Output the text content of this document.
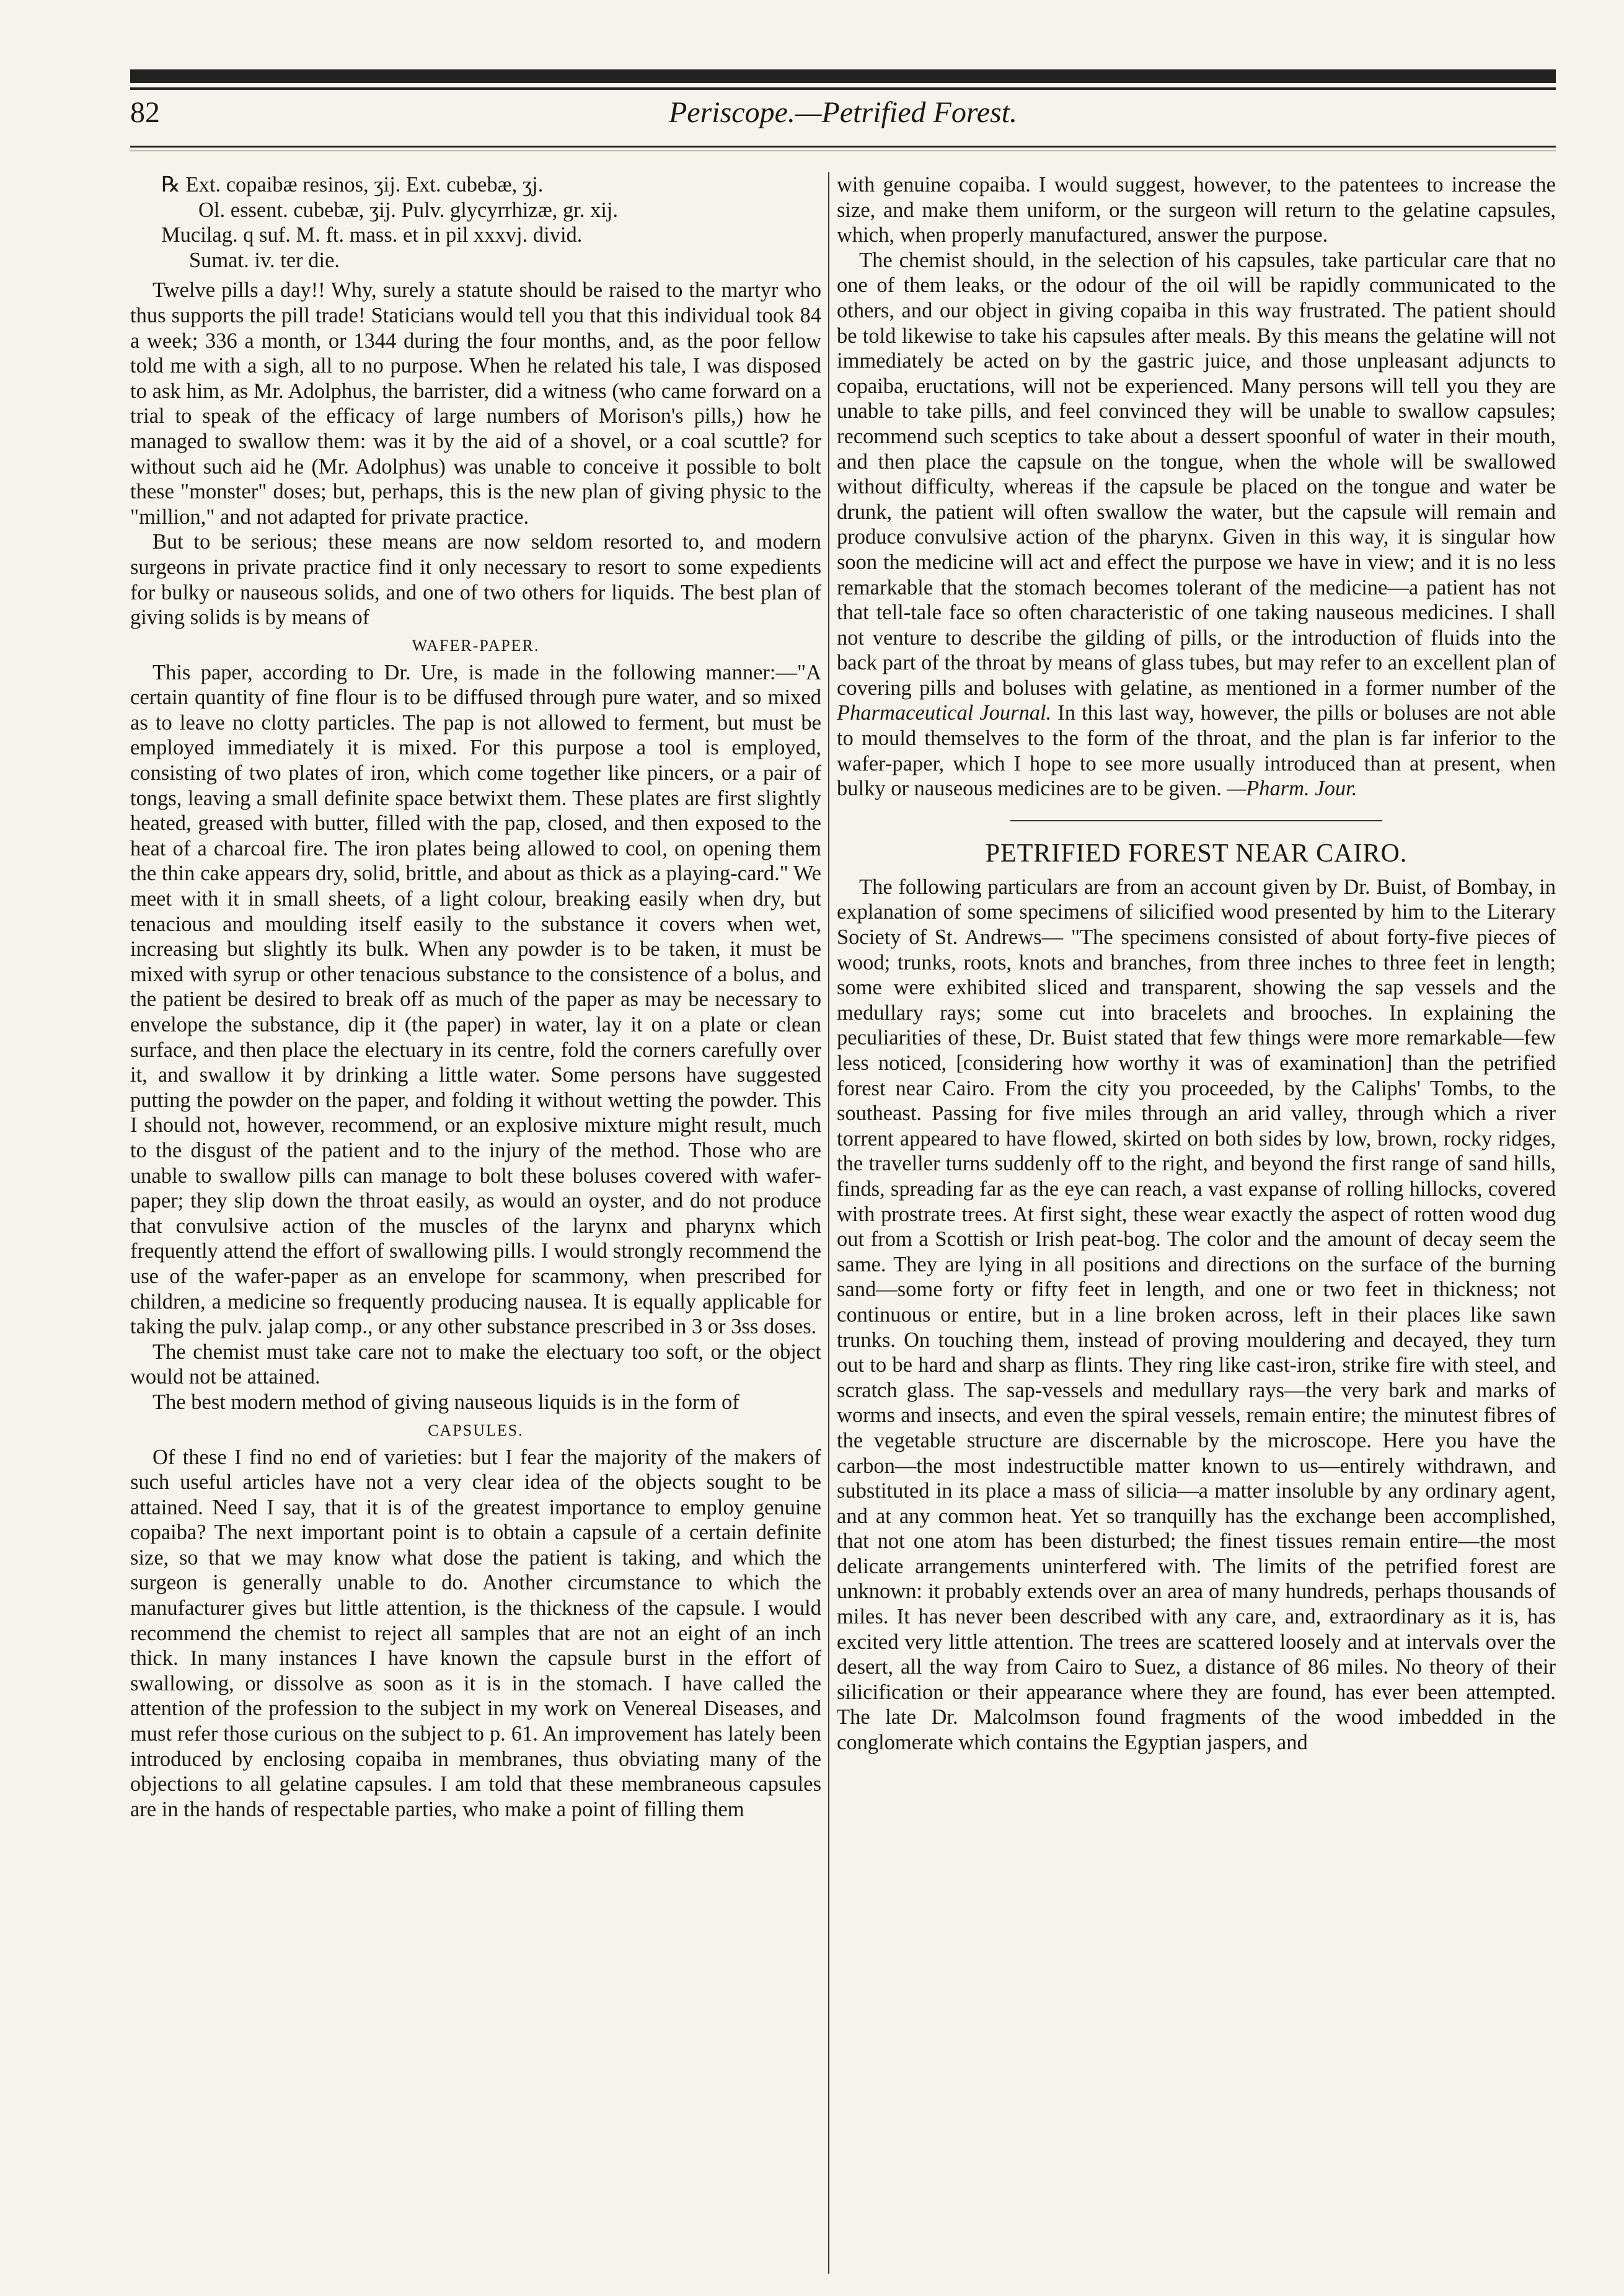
82	Periscope.—Petrified Forest.

℞ Ext. copaibæ resinos, ʒij. Ext. cubebæ, ʒj.

Ol. essent. cubebæ, ʒij. Pulv. glycyrrhizæ, gr. xij.

Mucilag. q suf. M. ft. mass. et in pil xxxvj. divid.

Sumat. iv. ter die.

Twelve pills a day!! Why, surely a statute should be raised to the martyr who thus supports the pill trade! Staticians would tell you that this individual took 84 a week; 336 a month, or 1344 during the four months, and, as the poor fellow told me with a sigh, all to no purpose. When he related his tale, I was disposed to ask him, as Mr. Adolphus, the barrister, did a witness (who came forward on a trial to speak of the efficacy of large numbers of Morison's pills,) how he managed to swallow them: was it by the aid of a shovel, or a coal scuttle? for without such aid he (Mr. Adolphus) was unable to conceive it possible to bolt these "monster" doses; but, perhaps, this is the new plan of giving physic to the "million," and not adapted for private practice.

But to be serious; these means are now seldom resorted to, and modern surgeons in private practice find it only necessary to resort to some expedients for bulky or nauseous solids, and one of two others for liquids. The best plan of giving solids is by means of

WAFER-PAPER.

This paper, according to Dr. Ure, is made in the following manner:—"A certain quantity of fine flour is to be diffused through pure water, and so mixed as to leave no clotty particles. The pap is not allowed to ferment, but must be employed immediately it is mixed. For this purpose a tool is employed, consisting of two plates of iron, which come together like pincers, or a pair of tongs, leaving a small definite space betwixt them. These plates are first slightly heated, greased with butter, filled with the pap, closed, and then exposed to the heat of a charcoal fire. The iron plates being allowed to cool, on opening them the thin cake appears dry, solid, brittle, and about as thick as a playing-card." We meet with it in small sheets, of a light colour, breaking easily when dry, but tenacious and moulding itself easily to the substance it covers when wet, increasing but slightly its bulk. When any powder is to be taken, it must be mixed with syrup or other tenacious substance to the consistence of a bolus, and the patient be desired to break off as much of the paper as may be necessary to envelope the substance, dip it (the paper) in water, lay it on a plate or clean surface, and then place the electuary in its centre, fold the corners carefully over it, and swallow it by drinking a little water. Some persons have suggested putting the powder on the paper, and folding it without wetting the powder. This I should not, however, recommend, or an explosive mixture might result, much to the disgust of the patient and to the injury of the method. Those who are unable to swallow pills can manage to bolt these boluses covered with wafer-paper; they slip down the throat easily, as would an oyster, and do not produce that convulsive action of the muscles of the larynx and pharynx which frequently attend the effort of swallowing pills. I would strongly recommend the use of the wafer-paper as an envelope for scammony, when prescribed for children, a medicine so frequently producing nausea. It is equally applicable for taking the pulv. jalap comp., or any other substance prescribed in 3 or 3ss doses.

The chemist must take care not to make the electuary too soft, or the object would not be attained.

The best modern method of giving nauseous liquids is in the form of

CAPSULES.

Of these I find no end of varieties: but I fear the majority of the makers of such useful articles have not a very clear idea of the objects sought to be attained. Need I say, that it is of the greatest importance to employ genuine copaiba? The next important point is to obtain a capsule of a certain definite size, so that we may know what dose the patient is taking, and which the surgeon is generally unable to do. Another circumstance to which the manufacturer gives but little attention, is the thickness of the capsule. I would recommend the chemist to reject all samples that are not an eight of an inch thick. In many instances I have known the capsule burst in the effort of swallowing, or dissolve as soon as it is in the stomach. I have called the attention of the profession to the subject in my work on Venereal Diseases, and must refer those curious on the subject to p. 61. An improvement has lately been introduced by enclosing copaiba in membranes, thus obviating many of the objections to all gelatine capsules. I am told that these membraneous capsules are in the hands of respectable parties, who make a point of filling them

with genuine copaiba. I would suggest, however, to the patentees to increase the size, and make them uniform, or the surgeon will return to the gelatine capsules, which, when properly manufactured, answer the purpose.

The chemist should, in the selection of his capsules, take particular care that no one of them leaks, or the odour of the oil will be rapidly communicated to the others, and our object in giving copaiba in this way frustrated. The patient should be told likewise to take his capsules after meals. By this means the gelatine will not immediately be acted on by the gastric juice, and those unpleasant adjuncts to copaiba, eructations, will not be experienced. Many persons will tell you they are unable to take pills, and feel convinced they will be unable to swallow capsules; recommend such sceptics to take about a dessert spoonful of water in their mouth, and then place the capsule on the tongue, when the whole will be swallowed without difficulty, whereas if the capsule be placed on the tongue and water be drunk, the patient will often swallow the water, but the capsule will remain and produce convulsive action of the pharynx. Given in this way, it is singular how soon the medicine will act and effect the purpose we have in view; and it is no less remarkable that the stomach becomes tolerant of the medicine—a patient has not that tell-tale face so often characteristic of one taking nauseous medicines. I shall not venture to describe the gilding of pills, or the introduction of fluids into the back part of the throat by means of glass tubes, but may refer to an excellent plan of covering pills and boluses with gelatine, as mentioned in a former number of the Pharmaceutical Journal. In this last way, however, the pills or boluses are not able to mould themselves to the form of the throat, and the plan is far inferior to the wafer-paper, which I hope to see more usually introduced than at present, when bulky or nauseous medicines are to be given. —Pharm. Jour.

PETRIFIED FOREST NEAR CAIRO.

The following particulars are from an account given by Dr. Buist, of Bombay, in explanation of some specimens of silicified wood presented by him to the Literary Society of St. Andrews— "The specimens consisted of about forty-five pieces of wood; trunks, roots, knots and branches, from three inches to three feet in length; some were exhibited sliced and transparent, showing the sap vessels and the medullary rays; some cut into bracelets and brooches. In explaining the peculiarities of these, Dr. Buist stated that few things were more remarkable—few less noticed, [considering how worthy it was of examination] than the petrified forest near Cairo. From the city you proceeded, by the Caliphs' Tombs, to the southeast. Passing for five miles through an arid valley, through which a river torrent appeared to have flowed, skirted on both sides by low, brown, rocky ridges, the traveller turns suddenly off to the right, and beyond the first range of sand hills, finds, spreading far as the eye can reach, a vast expanse of rolling hillocks, covered with prostrate trees. At first sight, these wear exactly the aspect of rotten wood dug out from a Scottish or Irish peat-bog. The color and the amount of decay seem the same. They are lying in all positions and directions on the surface of the burning sand—some forty or fifty feet in length, and one or two feet in thickness; not continuous or entire, but in a line broken across, left in their places like sawn trunks. On touching them, instead of proving mouldering and decayed, they turn out to be hard and sharp as flints. They ring like cast-iron, strike fire with steel, and scratch glass. The sap-vessels and medullary rays—the very bark and marks of worms and insects, and even the spiral vessels, remain entire; the minutest fibres of the vegetable structure are discernable by the microscope. Here you have the carbon—the most indestructible matter known to us—entirely withdrawn, and substituted in its place a mass of silicia—a matter insoluble by any ordinary agent, and at any common heat. Yet so tranquilly has the exchange been accomplished, that not one atom has been disturbed; the finest tissues remain entire—the most delicate arrangements uninterfered with. The limits of the petrified forest are unknown: it probably extends over an area of many hundreds, perhaps thousands of miles. It has never been described with any care, and, extraordinary as it is, has excited very little attention. The trees are scattered loosely and at intervals over the desert, all the way from Cairo to Suez, a distance of 86 miles. No theory of their silicification or their appearance where they are found, has ever been attempted. The late Dr. Malcolmson found fragments of the wood imbedded in the conglomerate which contains the Egyptian jaspers, and
